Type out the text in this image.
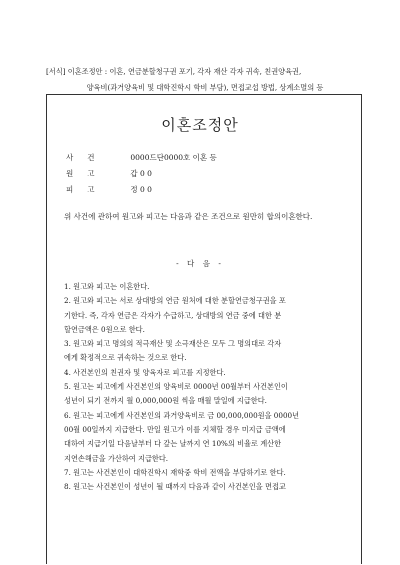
[서식] 이혼조정안 : 이혼, 연금분할청구권 포기, 각자 재산 각자 귀속, 친권양육권,
양육비(과거양육비 및 대학진학시 학비 부담), 면접교섭 방법, 상계소멸의 등
이혼조정안
사건	0000드단0000호 이혼 등
원고	갑 0 0
피고	정 0 0
위 사건에 관하여 원고와 피고는 다음과 같은 조건으로 원만히 합의이혼한다.
- 다 음 -
1. 원고와 피고는 이혼한다.
2. 원고와 피고는 서로 상대방의 연금 원처에 대한 분할연금청구권을 포
기한다. 즉, 각자 연금은 각자가 수급하고, 상대방의 연금 중에 대한 분
할연금액은 0원으로 한다.
3. 원고와 피고 명의의 적극재산 및 소극재산은 모두 그 명의대로 각자
에게 확정적으로 귀속하는 것으로 한다.
4. 사건본인의 친권자 및 양육자로 피고를 지정한다.
5. 원고는 피고에게 사건본인의 양육비로 0000년 00월부터 사건본인이
성년이 되기 전까지 월 0,000,000원 씩을 매월 말일에 지급한다.
6. 원고는 피고에게 사건본인의 과거양육비로 금 00,000,000원을 0000년
00월 00일까지 지급한다. 만일 원고가 이를 지체할 경우 미지급 금액에
대하여 지급기일 다음날부터 다 갚는 날까지 연 10%의 비율로 계산한
지연손해금을 가산하여 지급한다.
7. 원고는 사건본인이 대학진학시 재학중 학비 전액을 부담하기로 한다.
8. 원고는 사건본인이 성년이 될 때까지 다음과 같이 사건본인을 면접교
